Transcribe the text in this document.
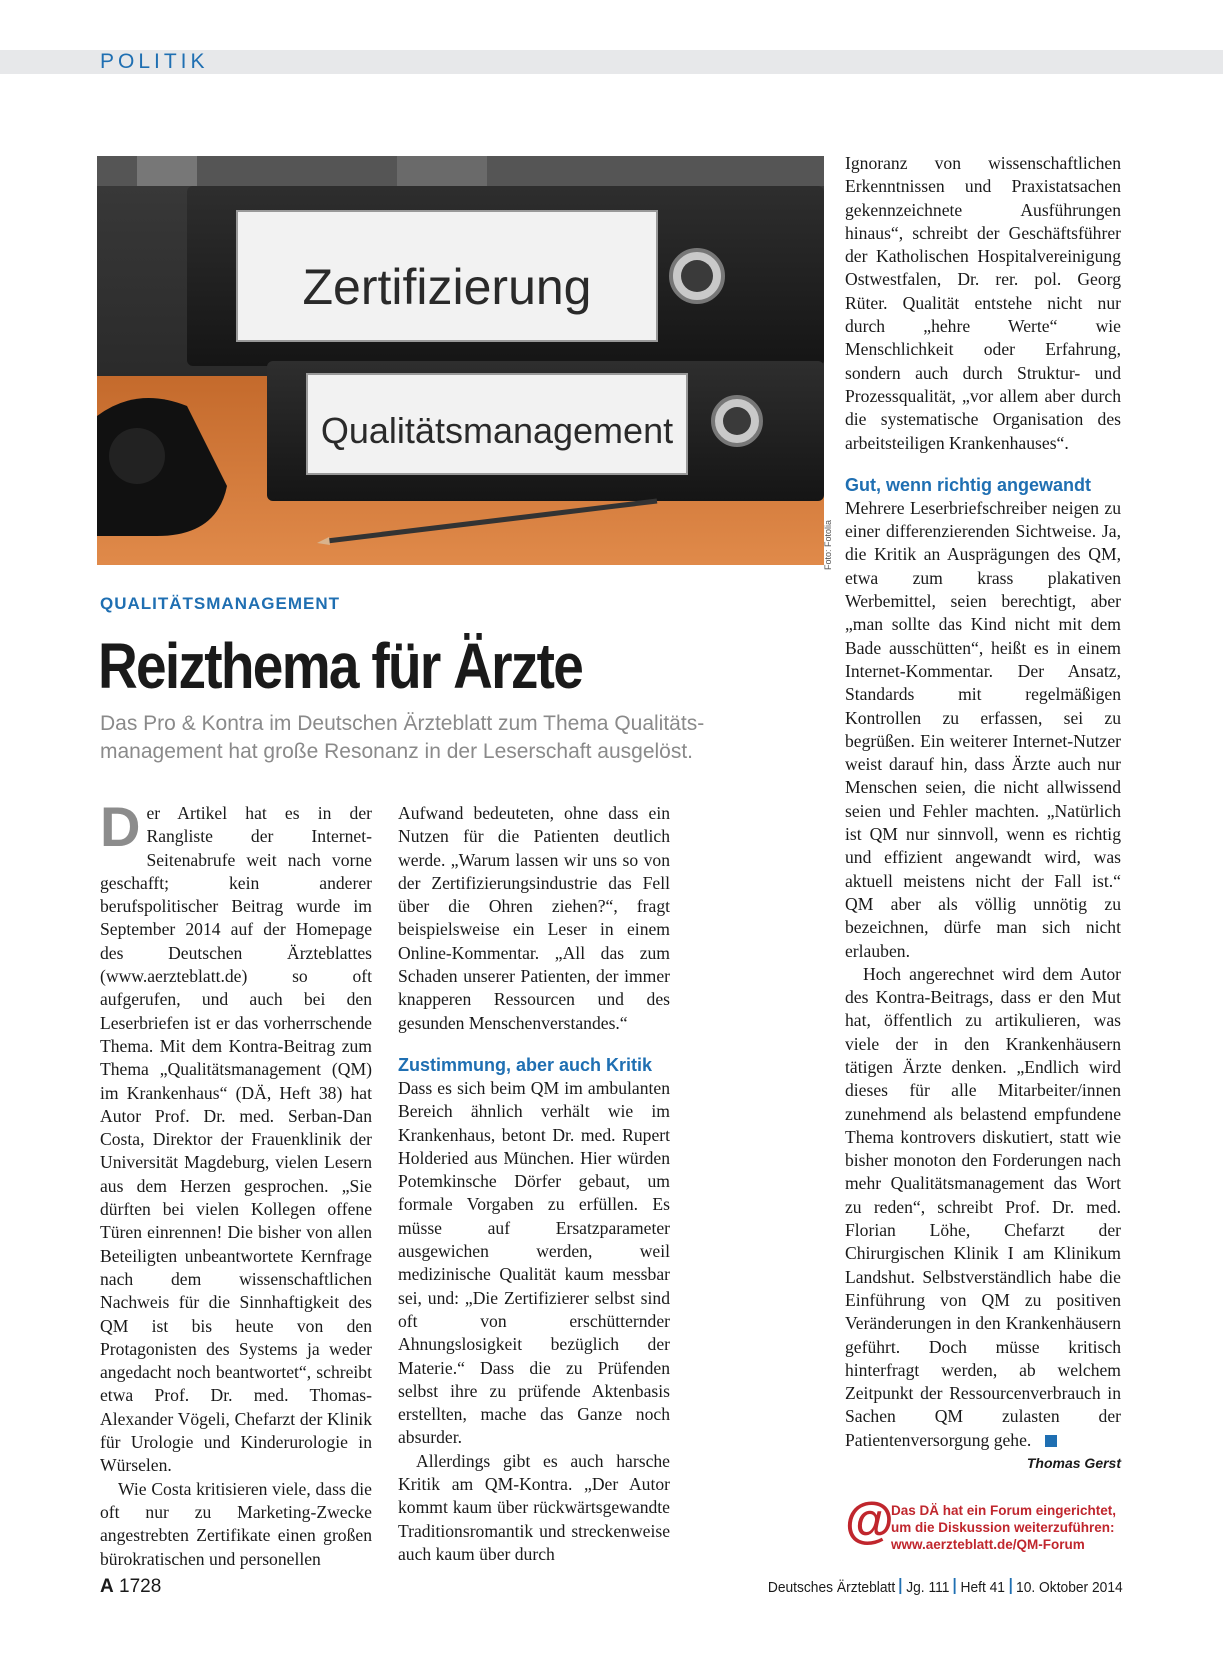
POLITIK
Zertifizierung
Qualitätsmanagement
Foto: Fotolia
QUALITÄTSMANAGEMENT
Reizthema für Ärzte
Das Pro & Kontra im Deutschen Ärzteblatt zum Thema Qualitäts-management hat große Resonanz in der Leserschaft ausgelöst.

Der Artikel hat es in der Rangliste der Internet-Seitenabrufe weit nach vorne geschafft; kein anderer berufspolitischer Beitrag wurde im September 2014 auf der Homepage des Deutschen Ärzteblattes (www.aerzteblatt.de) so oft aufgerufen, und auch bei den Leserbriefen ist er das vorherrschende Thema. Mit dem Kontra-Beitrag zum Thema „Qualitätsmanagement (QM) im Krankenhaus“ (DÄ, Heft 38) hat Autor Prof. Dr. med. Serban-Dan Costa, Direktor der Frauenklinik der Universität Magdeburg, vielen Lesern aus dem Herzen gesprochen. „Sie dürften bei vielen Kollegen offene Türen einrennen! Die bisher von allen Beteiligten unbeantwortete Kernfrage nach dem wissenschaftlichen Nachweis für die Sinnhaftigkeit des QM ist bis heute von den Protagonisten des Systems ja weder angedacht noch beantwortet“, schreibt etwa Prof. Dr. med. Thomas-Alexander Vögeli, Chefarzt der Klinik für Urologie und Kinderurologie in Würselen.

Wie Costa kritisieren viele, dass die oft nur zu Marketing-Zwecke angestrebten Zertifikate einen großen bürokratischen und personellen

Aufwand bedeuteten, ohne dass ein Nutzen für die Patienten deutlich werde. „Warum lassen wir uns so von der Zertifizierungsindustrie das Fell über die Ohren ziehen?“, fragt beispielsweise ein Leser in einem Online-Kommentar. „All das zum Schaden unserer Patienten, der immer knapperen Ressourcen und des gesunden Menschenverstandes.“

Zustimmung, aber auch Kritik

Dass es sich beim QM im ambulanten Bereich ähnlich verhält wie im Krankenhaus, betont Dr. med. Rupert Holderied aus München. Hier würden Potemkinsche Dörfer gebaut, um formale Vorgaben zu erfüllen. Es müsse auf Ersatzparameter ausgewichen werden, weil medizinische Qualität kaum messbar sei, und: „Die Zertifizierer selbst sind oft von erschütternder Ahnungslosigkeit bezüglich der Materie.“ Dass die zu Prüfenden selbst ihre zu prüfende Aktenbasis erstellten, mache das Ganze noch absurder.

Allerdings gibt es auch harsche Kritik am QM-Kontra. „Der Autor kommt kaum über rückwärtsgewandte Traditionsromantik und streckenweise auch kaum über durch

Ignoranz von wissenschaftlichen Erkenntnissen und Praxistatsachen gekennzeichnete Ausführungen hinaus“, schreibt der Geschäftsführer der Katholischen Hospitalvereinigung Ostwestfalen, Dr. rer. pol. Georg Rüter. Qualität entstehe nicht nur durch „hehre Werte“ wie Menschlichkeit oder Erfahrung, sondern auch durch Struktur- und Prozessqualität, „vor allem aber durch die systematische Organisation des arbeitsteiligen Krankenhauses“.

Gut, wenn richtig angewandt

Mehrere Leserbriefschreiber neigen zu einer differenzierenden Sichtweise. Ja, die Kritik an Ausprägungen des QM, etwa zum krass plakativen Werbemittel, seien berechtigt, aber „man sollte das Kind nicht mit dem Bade ausschütten“, heißt es in einem Internet-Kommentar. Der Ansatz, Standards mit regelmäßigen Kontrollen zu erfassen, sei zu begrüßen. Ein weiterer Internet-Nutzer weist darauf hin, dass Ärzte auch nur Menschen seien, die nicht allwissend seien und Fehler machten. „Natürlich ist QM nur sinnvoll, wenn es richtig und effizient angewandt wird, was aktuell meistens nicht der Fall ist.“ QM aber als völlig unnötig zu bezeichnen, dürfe man sich nicht erlauben.

Hoch angerechnet wird dem Autor des Kontra-Beitrags, dass er den Mut hat, öffentlich zu artikulieren, was viele der in den Krankenhäusern tätigen Ärzte denken. „Endlich wird dieses für alle Mitarbeiter/innen zunehmend als belastend empfundene Thema kontrovers diskutiert, statt wie bisher monoton den Forderungen nach mehr Qualitätsmanagement das Wort zu reden“, schreibt Prof. Dr. med. Florian Löhe, Chefarzt der Chirurgischen Klinik I am Klinikum Landshut. Selbstverständlich habe die Einführung von QM zu positiven Veränderungen in den Krankenhäusern geführt. Doch müsse kritisch hinterfragt werden, ab welchem Zeitpunkt der Ressourcenverbrauch in Sachen QM zulasten der Patientenversorgung gehe.

Thomas Gerst
@
Das DÄ hat ein Forum eingerichtet,
um die Diskussion weiterzuführen:
www.aerzteblatt.de/QM-Forum
A 1728	Deutsches Ärzteblatt Jg. 111 Heft 41 10. Oktober 2014
